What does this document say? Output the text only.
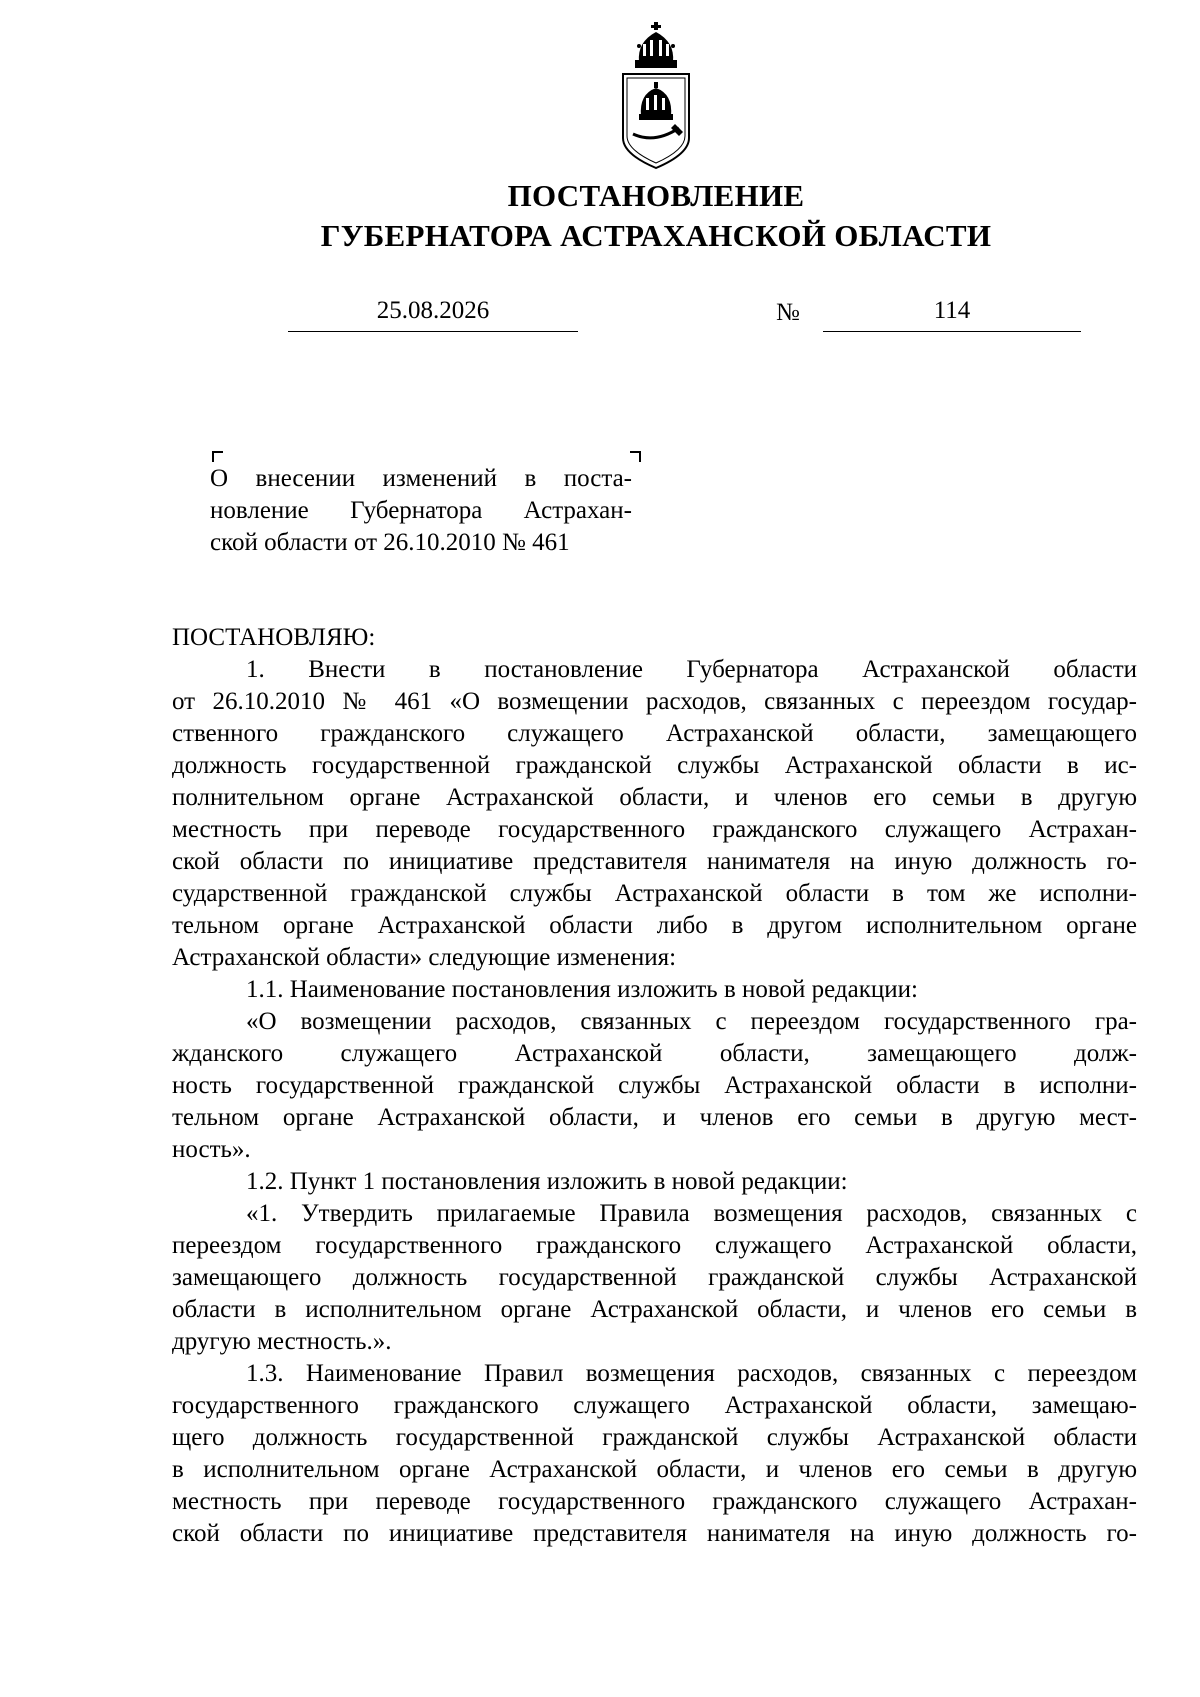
ПОСТАНОВЛЕНИЕ
ГУБЕРНАТОРА АСТРАХАНСКОЙ ОБЛАСТИ
25.08.2026	№	114
О внесении изменений в поста-
новление Губернатора Астрахан-
ской области от 26.10.2010 № 461
ПОСТАНОВЛЯЮ:
1. Внести в постановление Губернатора Астраханской области
от 26.10.2010 № 461 «О возмещении расходов, связанных с переездом государ-
ственного гражданского служащего Астраханской области, замещающего
должность государственной гражданской службы Астраханской области в ис-
полнительном органе Астраханской области, и членов его семьи в другую
местность при переводе государственного гражданского служащего Астрахан-
ской области по инициативе представителя нанимателя на иную должность го-
сударственной гражданской службы Астраханской области в том же исполни-
тельном органе Астраханской области либо в другом исполнительном органе
Астраханской области» следующие изменения:
1.1. Наименование постановления изложить в новой редакции:
«О возмещении расходов, связанных с переездом государственного гра-
жданского служащего Астраханской области, замещающего долж-
ность государственной гражданской службы Астраханской области в исполни-
тельном органе Астраханской области, и членов его семьи в другую мест-
ность».
1.2. Пункт 1 постановления изложить в новой редакции:
«1. Утвердить прилагаемые Правила возмещения расходов, связанных с
переездом государственного гражданского служащего Астраханской области,
замещающего должность государственной гражданской службы Астраханской
области в исполнительном органе Астраханской области, и членов его семьи в
другую местность.».
1.3. Наименование Правил возмещения расходов, связанных с переездом
государственного гражданского служащего Астраханской области, замещаю-
щего должность государственной гражданской службы Астраханской области
в исполнительном органе Астраханской области, и членов его семьи в другую
местность при переводе государственного гражданского служащего Астрахан-
ской области по инициативе представителя нанимателя на иную должность го-
